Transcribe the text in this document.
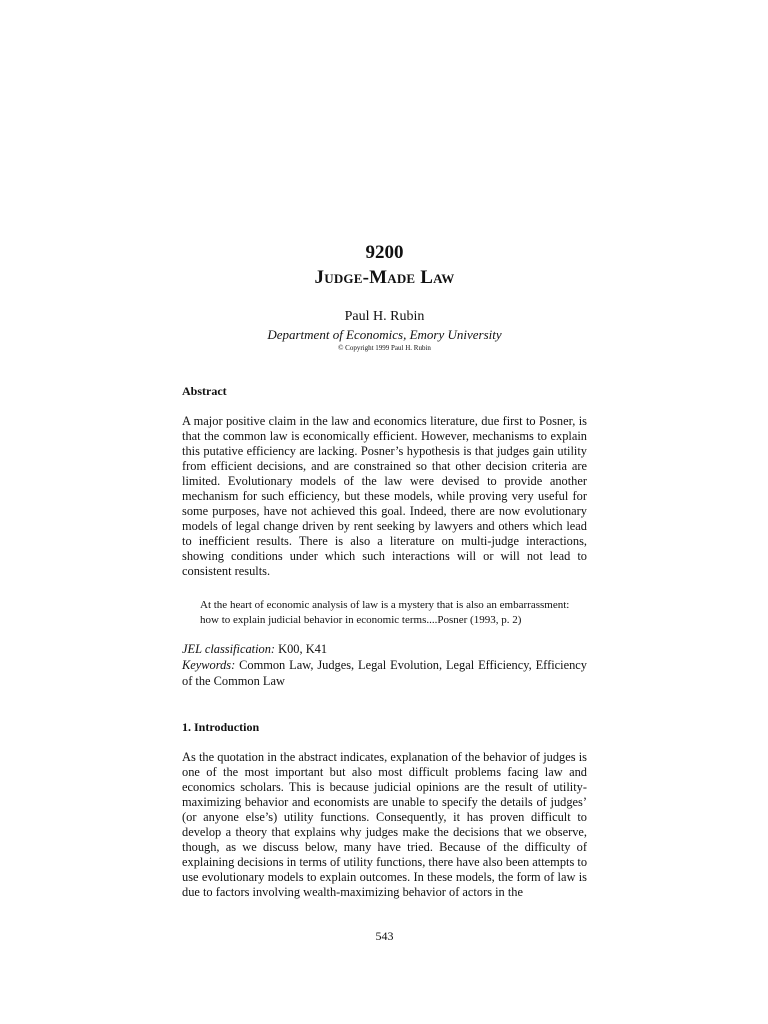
9200
Judge-Made Law
Paul H. Rubin
Department of Economics, Emory University
© Copyright 1999 Paul H. Rubin
Abstract

A major positive claim in the law and economics literature, due first to Posner, is that the common law is economically efficient. However, mechanisms to explain this putative efficiency are lacking. Posner’s hypothesis is that judges gain utility from efficient decisions, and are constrained so that other decision criteria are limited. Evolutionary models of the law were devised to provide another mechanism for such efficiency, but these models, while proving very useful for some purposes, have not achieved this goal. Indeed, there are now evolutionary models of legal change driven by rent seeking by lawyers and others which lead to inefficient results. There is also a literature on multi-judge interactions, showing conditions under which such interactions will or will not lead to consistent results.

At the heart of economic analysis of law is a mystery that is also an embarrassment: how to explain judicial behavior in economic terms....Posner (1993, p. 2)

JEL classification: K00, K41
Keywords: Common Law, Judges, Legal Evolution, Legal Efficiency, Efficiency of the Common Law
1. Introduction

As the quotation in the abstract indicates, explanation of the behavior of judges is one of the most important but also most difficult problems facing law and economics scholars. This is because judicial opinions are the result of utility-maximizing behavior and economists are unable to specify the details of judges’ (or anyone else’s) utility functions. Consequently, it has proven difficult to develop a theory that explains why judges make the decisions that we observe, though, as we discuss below, many have tried. Because of the difficulty of explaining decisions in terms of utility functions, there have also been attempts to use evolutionary models to explain outcomes. In these models, the form of law is due to factors involving wealth-maximizing behavior of actors in the

543
